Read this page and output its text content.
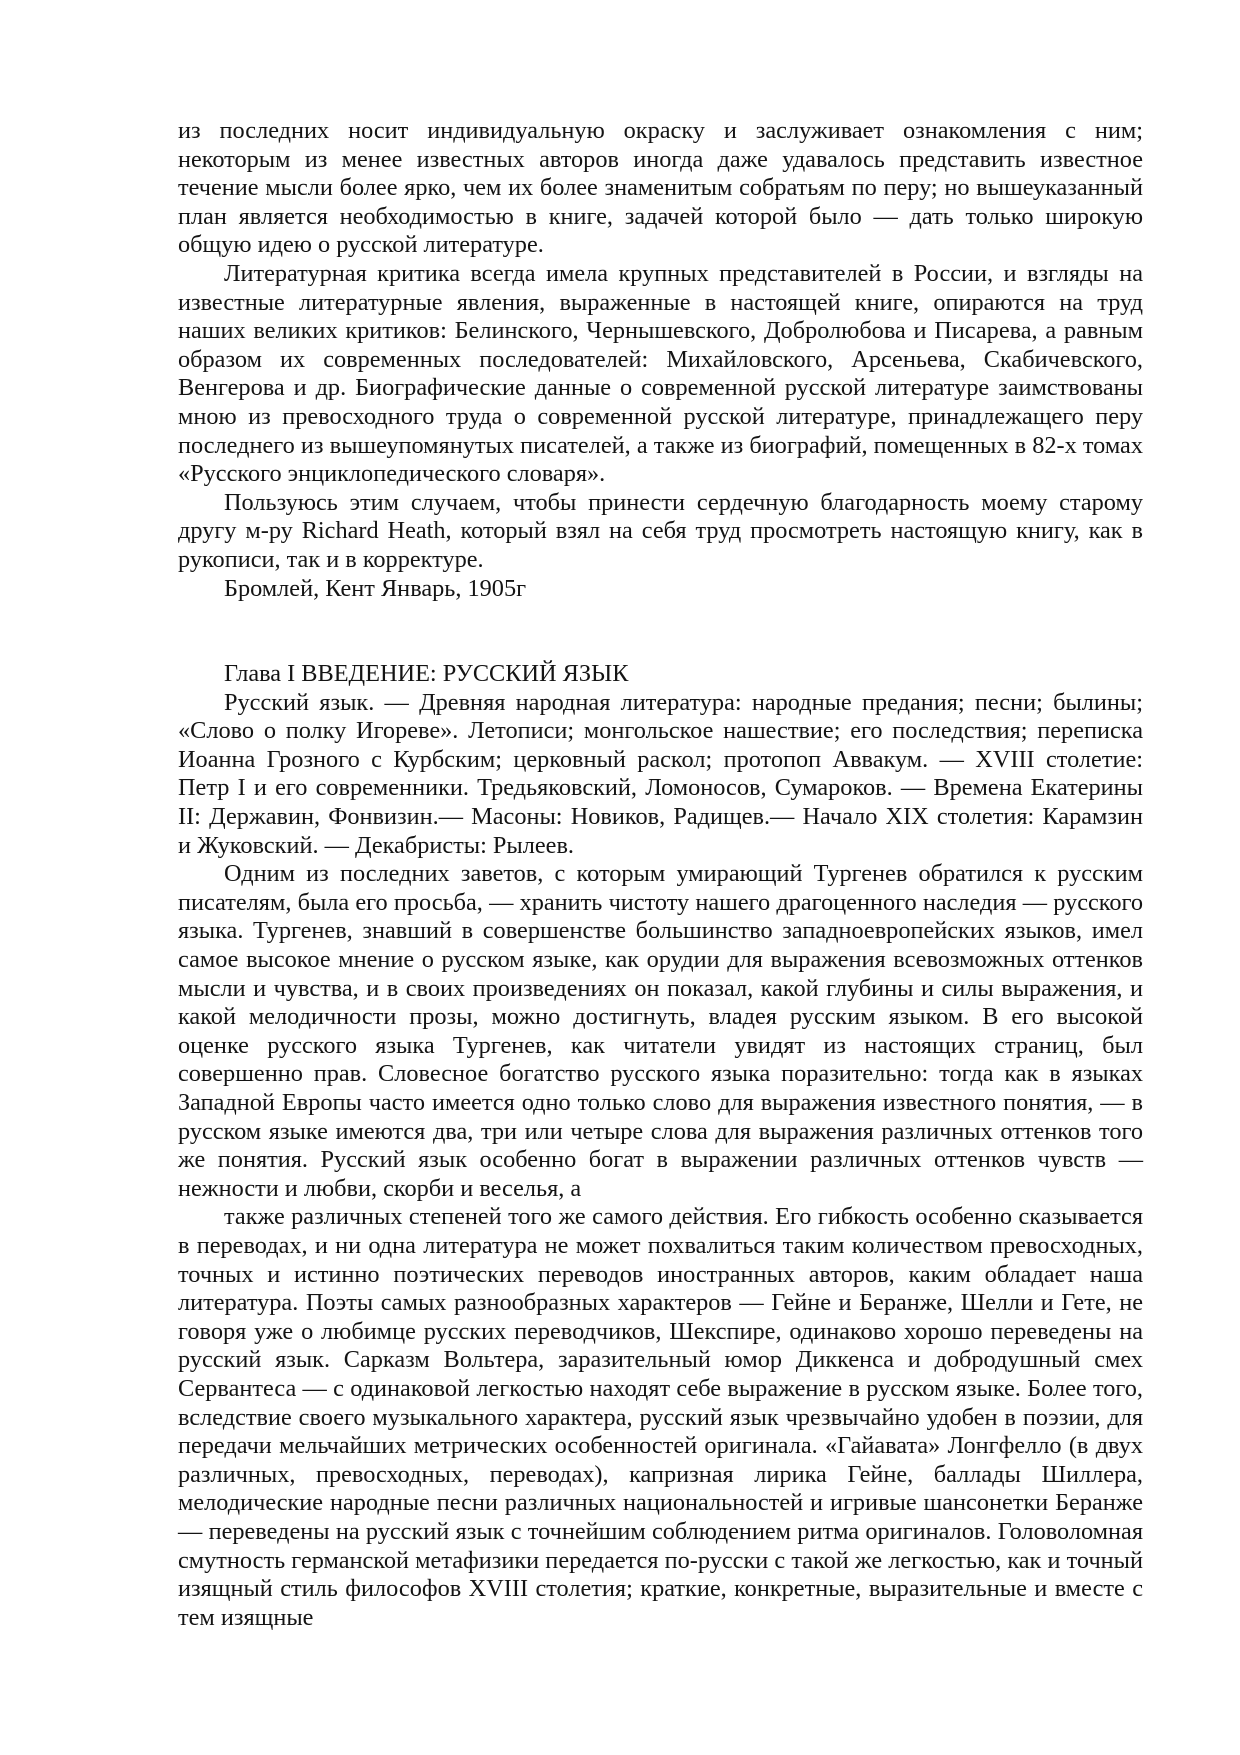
из последних носит индивидуальную окраску и заслуживает ознакомления с ним; некоторым из менее известных авторов иногда даже удавалось представить известное течение мысли более ярко, чем их более знаменитым собратьям по перу; но вышеуказанный план является необходимостью в книге, задачей которой было — дать только широкую общую идею о русской литературе.

Литературная критика всегда имела крупных представителей в России, и взгляды на известные литературные явления, выраженные в настоящей книге, опираются на труд наших великих критиков: Белинского, Чернышевского, Добролюбова и Писарева, а равным образом их современных последователей: Михайловского, Арсеньева, Скабичевского, Венгерова и др. Биографические данные о современной русской литературе заимствованы мною из превосходного труда о современной русской литературе, принадлежащего перу последнего из вышеупомянутых писателей, а также из биографий, помещенных в 82-х томах «Русского энциклопедического словаря».

Пользуюсь этим случаем, чтобы принести сердечную благодарность моему старому другу м-ру Richard Heath, который взял на себя труд просмотреть настоящую книгу, как в рукописи, так и в корректуре.

Бромлей, Кент Январь, 1905г

Глава I ВВЕДЕНИЕ: РУССКИЙ ЯЗЫК

Русский язык. — Древняя народная литература: народные предания; песни; былины; «Слово о полку Игореве». Летописи; монгольское нашествие; его последствия; переписка Иоанна Грозного с Курбским; церковный раскол; протопоп Аввакум. — XVIII столетие: Петр I и его современники. Тредьяковский, Ломоносов, Сумароков. — Времена Екатерины II: Державин, Фонвизин.— Масоны: Новиков, Радищев.— Начало XIX столетия: Карамзин и Жуковский. — Декабристы: Рылеев.

Одним из последних заветов, с которым умирающий Тургенев обратился к русским писателям, была его просьба, — хранить чистоту нашего драгоценного наследия — русского языка. Тургенев, знавший в совершенстве большинство западноевропейских языков, имел самое высокое мнение о русском языке, как орудии для выражения всевозможных оттенков мысли и чувства, и в своих произведениях он показал, какой глубины и силы выражения, и какой мелодичности прозы, можно достигнуть, владея русским языком. В его высокой оценке русского языка Тургенев, как читатели увидят из настоящих страниц, был совершенно прав. Словесное богатство русского языка поразительно: тогда как в языках Западной Европы часто имеется одно только слово для выражения известного понятия, — в русском языке имеются два, три или четыре слова для выражения различных оттенков того же понятия. Русский язык особенно богат в выражении различных оттенков чувств — нежности и любви, скорби и веселья, а

также различных степеней того же самого действия. Его гибкость особенно сказывается в переводах, и ни одна литература не может похвалиться таким количеством превосходных, точных и истинно поэтических переводов иностранных авторов, каким обладает наша литература. Поэты самых разнообразных характеров — Гейне и Беранже, Шелли и Гете, не говоря уже о любимце русских переводчиков, Шекспире, одинаково хорошо переведены на русский язык. Сарказм Вольтера, заразительный юмор Диккенса и добродушный смех Сервантеса — с одинаковой легкостью находят себе выражение в русском языке. Более того, вследствие своего музыкального характера, русский язык чрезвычайно удобен в поэзии, для передачи мельчайших метрических особенностей оригинала. «Гайавата» Лонгфелло (в двух различных, превосходных, переводах), капризная лирика Гейне, баллады Шиллера, мелодические народные песни различных национальностей и игривые шансонетки Беранже — переведены на русский язык с точнейшим соблюдением ритма оригиналов. Головоломная смутность германской метафизики передается по-русски с такой же легкостью, как и точный изящный стиль философов XVIII столетия; краткие, конкретные, выразительные и вместе с тем изящные
